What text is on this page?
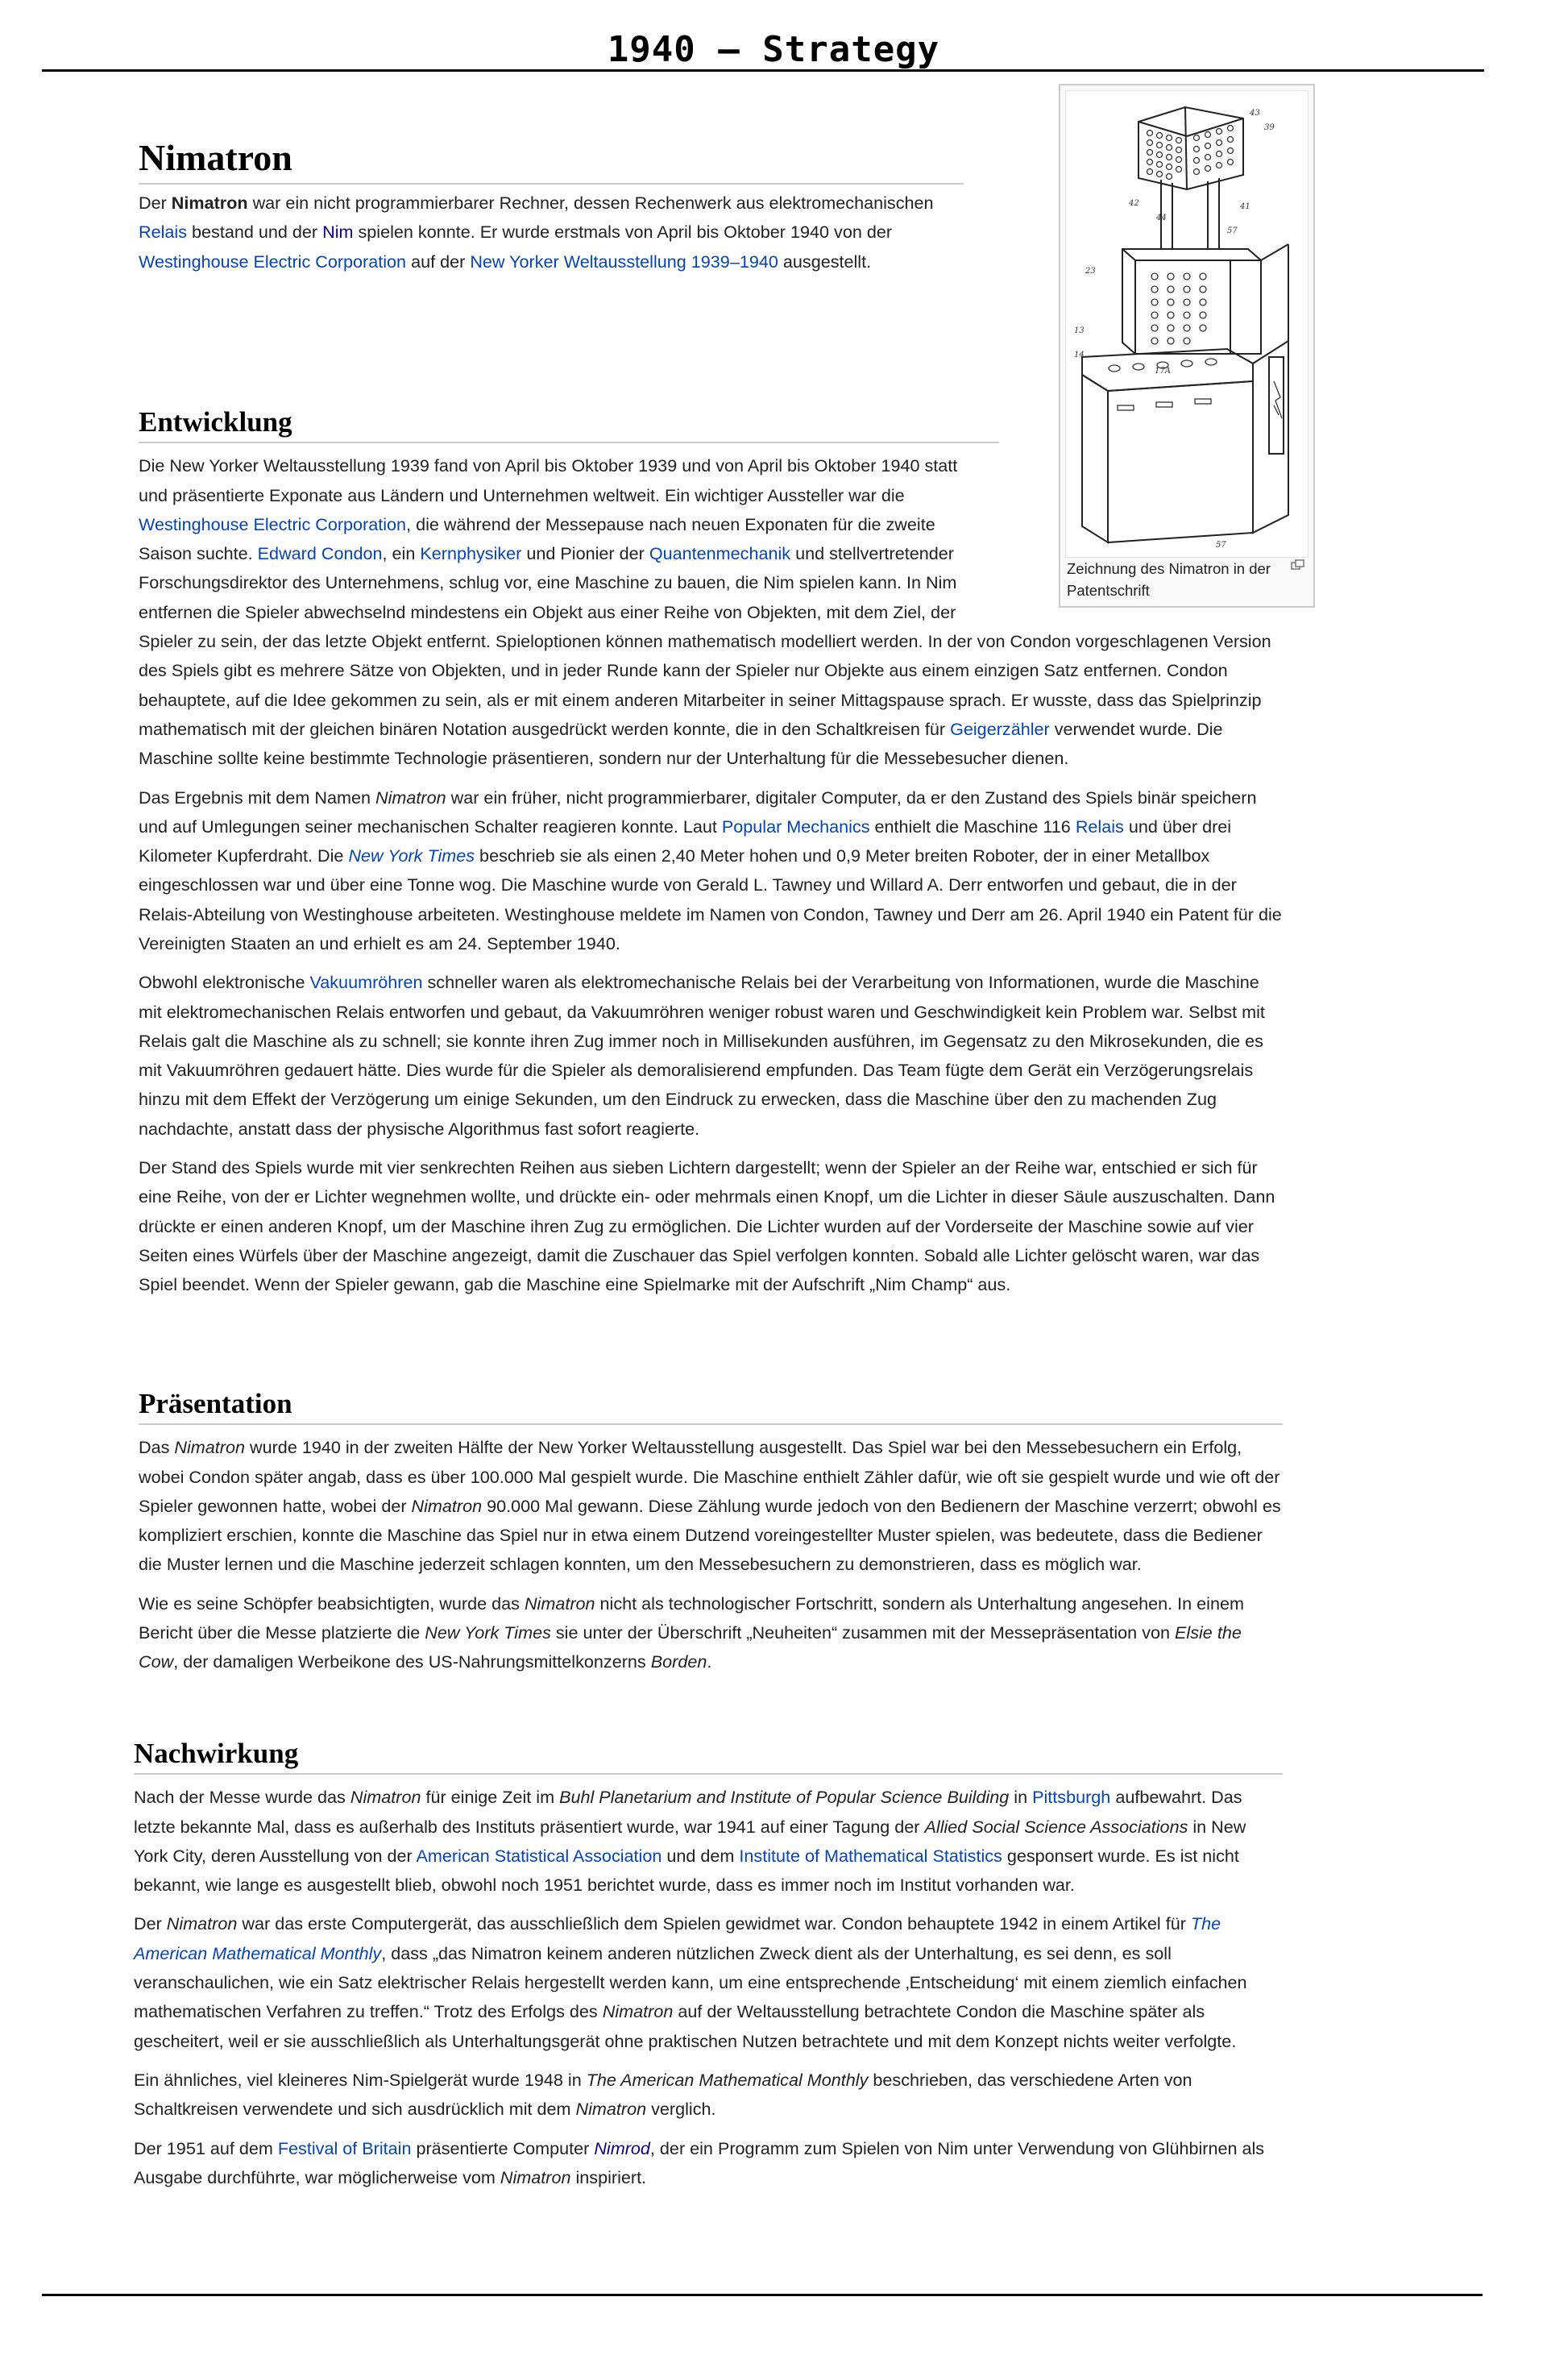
1940 – Strategy
Nimatron

Der Nimatron war ein nicht programmierbarer Rechner, dessen Rechenwerk aus elektromechanischen Relais bestand und der Nim spielen konnte. Er wurde erstmals von April bis Oktober 1940 von der Westinghouse Electric Corporation auf der New Yorker Weltausstellung 1939–1940 ausgestellt.

43
39
42	41
44
57
23
13
14
17A
57
Zeichnung des Nimatron in der Patentschrift
Entwicklung

Die New Yorker Weltausstellung 1939 fand von April bis Oktober 1939 und von April bis Oktober 1940 statt und präsentierte Exponate aus Ländern und Unternehmen weltweit. Ein wichtiger Aussteller war die Westinghouse Electric Corporation, die während der Messepause nach neuen Exponaten für die zweite Saison suchte. Edward Condon, ein Kernphysiker und Pionier der Quantenmechanik und stellvertretender Forschungsdirektor des Unternehmens, schlug vor, eine Maschine zu bauen, die Nim spielen kann. In Nim entfernen die Spieler abwechselnd mindestens ein Objekt aus einer Reihe von Objekten, mit dem Ziel, der Spieler zu sein, der das letzte Objekt entfernt. Spieloptionen können mathematisch modelliert werden. In der von Condon vorgeschlagenen Version des Spiels gibt es mehrere Sätze von Objekten, und in jeder Runde kann der Spieler nur Objekte aus einem einzigen Satz entfernen. Condon behauptete, auf die Idee gekommen zu sein, als er mit einem anderen Mitarbeiter in seiner Mittagspause sprach. Er wusste, dass das Spielprinzip mathematisch mit der gleichen binären Notation ausgedrückt werden konnte, die in den Schaltkreisen für Geigerzähler verwendet wurde. Die Maschine sollte keine bestimmte Technologie präsentieren, sondern nur der Unterhaltung für die Messebesucher dienen.

Das Ergebnis mit dem Namen Nimatron war ein früher, nicht programmierbarer, digitaler Computer, da er den Zustand des Spiels binär speichern und auf Umlegungen seiner mechanischen Schalter reagieren konnte. Laut Popular Mechanics enthielt die Maschine 116 Relais und über drei Kilometer Kupferdraht. Die New York Times beschrieb sie als einen 2,40 Meter hohen und 0,9 Meter breiten Roboter, der in einer Metallbox eingeschlossen war und über eine Tonne wog. Die Maschine wurde von Gerald L. Tawney und Willard A. Derr entworfen und gebaut, die in der Relais-Abteilung von Westinghouse arbeiteten. Westinghouse meldete im Namen von Condon, Tawney und Derr am 26. April 1940 ein Patent für die Vereinigten Staaten an und erhielt es am 24. September 1940.

Obwohl elektronische Vakuumröhren schneller waren als elektromechanische Relais bei der Verarbeitung von Informationen, wurde die Maschine mit elektromechanischen Relais entworfen und gebaut, da Vakuumröhren weniger robust waren und Geschwindigkeit kein Problem war. Selbst mit Relais galt die Maschine als zu schnell; sie konnte ihren Zug immer noch in Millisekunden ausführen, im Gegensatz zu den Mikrosekunden, die es mit Vakuumröhren gedauert hätte. Dies wurde für die Spieler als demoralisierend empfunden. Das Team fügte dem Gerät ein Verzögerungsrelais hinzu mit dem Effekt der Verzögerung um einige Sekunden, um den Eindruck zu erwecken, dass die Maschine über den zu machenden Zug nachdachte, anstatt dass der physische Algorithmus fast sofort reagierte.

Der Stand des Spiels wurde mit vier senkrechten Reihen aus sieben Lichtern dargestellt; wenn der Spieler an der Reihe war, entschied er sich für eine Reihe, von der er Lichter wegnehmen wollte, und drückte ein- oder mehrmals einen Knopf, um die Lichter in dieser Säule auszuschalten. Dann drückte er einen anderen Knopf, um der Maschine ihren Zug zu ermöglichen. Die Lichter wurden auf der Vorderseite der Maschine sowie auf vier Seiten eines Würfels über der Maschine angezeigt, damit die Zuschauer das Spiel verfolgen konnten. Sobald alle Lichter gelöscht waren, war das Spiel beendet. Wenn der Spieler gewann, gab die Maschine eine Spielmarke mit der Aufschrift „Nim Champ“ aus.

Präsentation

Das Nimatron wurde 1940 in der zweiten Hälfte der New Yorker Weltausstellung ausgestellt. Das Spiel war bei den Messebesuchern ein Erfolg, wobei Condon später angab, dass es über 100.000 Mal gespielt wurde. Die Maschine enthielt Zähler dafür, wie oft sie gespielt wurde und wie oft der Spieler gewonnen hatte, wobei der Nimatron 90.000 Mal gewann. Diese Zählung wurde jedoch von den Bedienern der Maschine verzerrt; obwohl es kompliziert erschien, konnte die Maschine das Spiel nur in etwa einem Dutzend voreingestellter Muster spielen, was bedeutete, dass die Bediener die Muster lernen und die Maschine jederzeit schlagen konnten, um den Messebesuchern zu demonstrieren, dass es möglich war.

Wie es seine Schöpfer beabsichtigten, wurde das Nimatron nicht als technologischer Fortschritt, sondern als Unterhaltung angesehen. In einem Bericht über die Messe platzierte die New York Times sie unter der Überschrift „Neuheiten“ zusammen mit der Messepräsentation von Elsie the Cow, der damaligen Werbeikone des US-Nahrungsmittelkonzerns Borden.

Nachwirkung

Nach der Messe wurde das Nimatron für einige Zeit im Buhl Planetarium and Institute of Popular Science Building in Pittsburgh aufbewahrt. Das letzte bekannte Mal, dass es außerhalb des Instituts präsentiert wurde, war 1941 auf einer Tagung der Allied Social Science Associations in New York City, deren Ausstellung von der American Statistical Association und dem Institute of Mathematical Statistics gesponsert wurde. Es ist nicht bekannt, wie lange es ausgestellt blieb, obwohl noch 1951 berichtet wurde, dass es immer noch im Institut vorhanden war.

Der Nimatron war das erste Computergerät, das ausschließlich dem Spielen gewidmet war. Condon behauptete 1942 in einem Artikel für The American Mathematical Monthly, dass „das Nimatron keinem anderen nützlichen Zweck dient als der Unterhaltung, es sei denn, es soll veranschaulichen, wie ein Satz elektrischer Relais hergestellt werden kann, um eine entsprechende ‚Entscheidung‘ mit einem ziemlich einfachen mathematischen Verfahren zu treffen.“ Trotz des Erfolgs des Nimatron auf der Weltausstellung betrachtete Condon die Maschine später als gescheitert, weil er sie ausschließlich als Unterhaltungsgerät ohne praktischen Nutzen betrachtete und mit dem Konzept nichts weiter verfolgte.

Ein ähnliches, viel kleineres Nim-Spielgerät wurde 1948 in The American Mathematical Monthly beschrieben, das verschiedene Arten von Schaltkreisen verwendete und sich ausdrücklich mit dem Nimatron verglich.

Der 1951 auf dem Festival of Britain präsentierte Computer Nimrod, der ein Programm zum Spielen von Nim unter Verwendung von Glühbirnen als Ausgabe durchführte, war möglicherweise vom Nimatron inspiriert.
